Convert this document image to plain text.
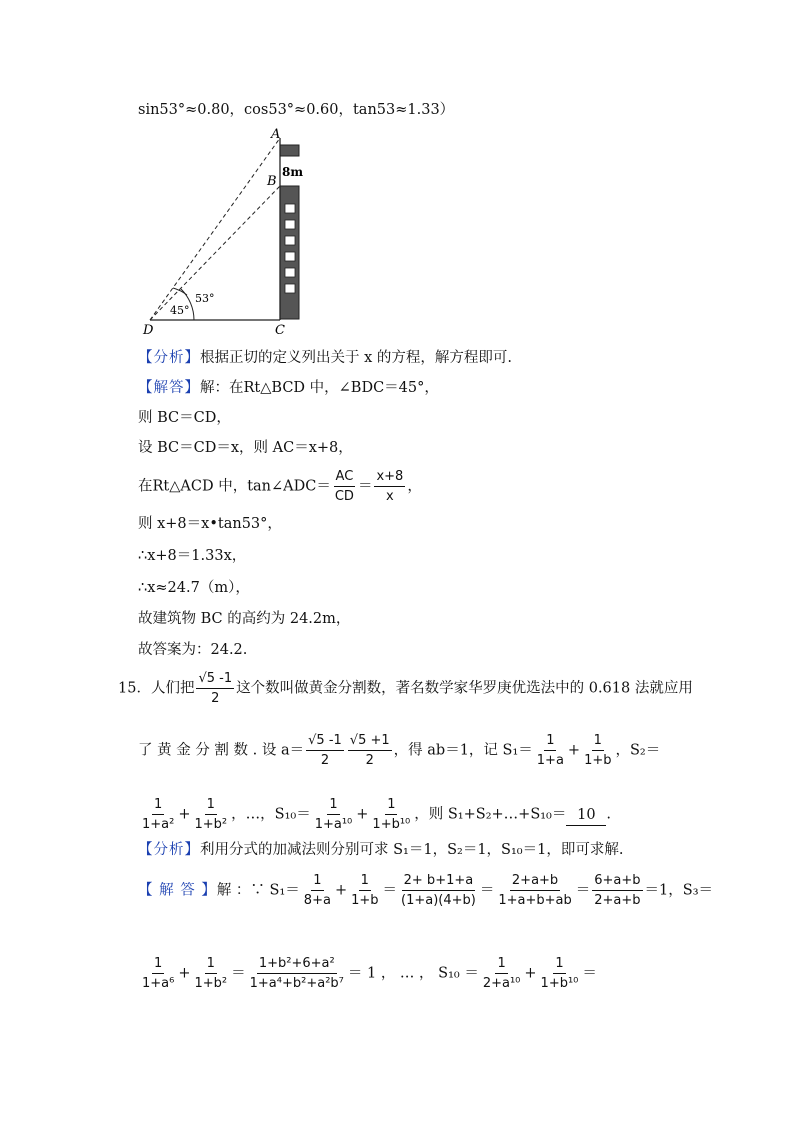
sin53°≈0.80，cos53°≈0.60，tan53≈1.33）
A
B
8m
C
D
45°
53°
【分析】根据正切的定义列出关于 x 的方程，解方程即可.
【解答】解：在Rt△BCD 中，∠BDC＝45°，
则 BC＝CD，
设 BC＝CD＝x，则 AC＝x+8，
在Rt△ACD 中，tan∠ADC＝ $\frac{AC}{CD} = \frac{x+8}{x}$ ，
则 x+8＝x•tan53°，
∴x+8＝1.33x，
∴x≈24.7（m），
故建筑物 BC 的高约为 24.2m，
故答案为：24.2.
15．人们把 $\frac{√5 -1}{2}$ 这个数叫做黄金分割数，著名数学家华罗庚优选法中的 0.618 法就应用
了 黄 金 分 割 数 . 设 $a= \frac{√5 -1}{2} \frac{√5 +1}{2}$ ，得 ab＝1，记 $S_1= \frac{1}{1+a} + \frac{1}{1+b}$ ，S₂＝
$\frac{1}{\text{1+a²}} + \frac{1}{\text{1+b²}}$ ，…，$S_{10}= \frac{1}{\text{1+a¹⁰}} + \frac{1}{\text{1+b¹⁰}}$ ，则 S₁+S₂+…+S₁₀＝ 10 .
【分析】利用分式的加减法则分别可求 S₁＝1，S₂＝1，S₁₀＝1，即可求解.
【 解 答 】解 ：∵ $S_1= \frac{1}{8+a} + \frac{1}{1+b} = \frac{2+ b+1+a}{(1+a)(4+b)} = \frac{2+a+b}{1+a+b+ab} = \frac{6+a+b}{2+a+b} =1$，S₃＝
$\frac{1}{\text{1+a⁶}} + \frac{1}{\text{1+b²}} = \frac{\text{1+b²+6+a²}}{\text{1+a⁴+b²+a²b⁷}} = 1$ ， … ， $S_{10} = \frac{1}{\text{2+a¹⁰}} + \frac{1}{\text{1+b¹⁰}}$ ＝
